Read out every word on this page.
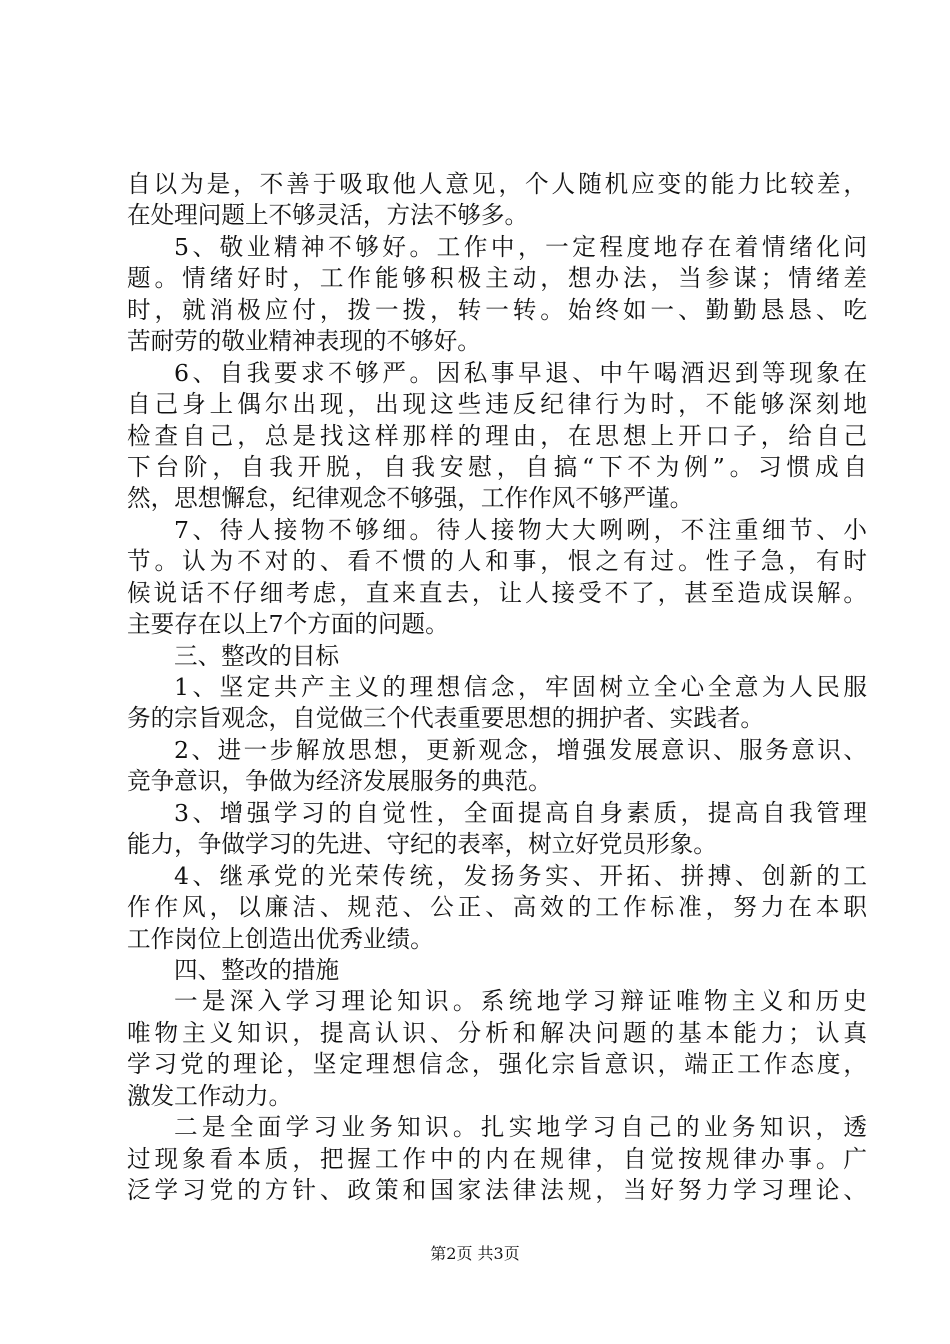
自以为是，不善于吸取他人意见，个人随机应变的能力比较差，
在处理问题上不够灵活，方法不够多。
5、敬业精神不够好。工作中，一定程度地存在着情绪化问
题。情绪好时，工作能够积极主动，想办法，当参谋；情绪差
时，就消极应付，拨一拨，转一转。始终如一、勤勤恳恳、吃
苦耐劳的敬业精神表现的不够好。
6、自我要求不够严。因私事早退、中午喝酒迟到等现象在
自己身上偶尔出现，出现这些违反纪律行为时，不能够深刻地
检查自己，总是找这样那样的理由，在思想上开口子，给自己
下台阶，自我开脱，自我安慰，自搞“下不为例”。习惯成自
然，思想懈怠，纪律观念不够强，工作作风不够严谨。
7、待人接物不够细。待人接物大大咧咧，不注重细节、小
节。认为不对的、看不惯的人和事，恨之有过。性子急，有时
候说话不仔细考虑，直来直去，让人接受不了，甚至造成误解。
主要存在以上7个方面的问题。
三、整改的目标
1、坚定共产主义的理想信念，牢固树立全心全意为人民服
务的宗旨观念，自觉做三个代表重要思想的拥护者、实践者。
2、进一步解放思想，更新观念，增强发展意识、服务意识、
竞争意识，争做为经济发展服务的典范。
3、增强学习的自觉性，全面提高自身素质，提高自我管理
能力，争做学习的先进、守纪的表率，树立好党员形象。
4、继承党的光荣传统，发扬务实、开拓、拼搏、创新的工
作作风，以廉洁、规范、公正、高效的工作标准，努力在本职
工作岗位上创造出优秀业绩。
四、整改的措施
一是深入学习理论知识。系统地学习辩证唯物主义和历史
唯物主义知识，提高认识、分析和解决问题的基本能力；认真
学习党的理论，坚定理想信念，强化宗旨意识，端正工作态度，
激发工作动力。
二是全面学习业务知识。扎实地学习自己的业务知识，透
过现象看本质，把握工作中的内在规律，自觉按规律办事。广
泛学习党的方针、政策和国家法律法规，当好努力学习理论、
第2页 共3页
